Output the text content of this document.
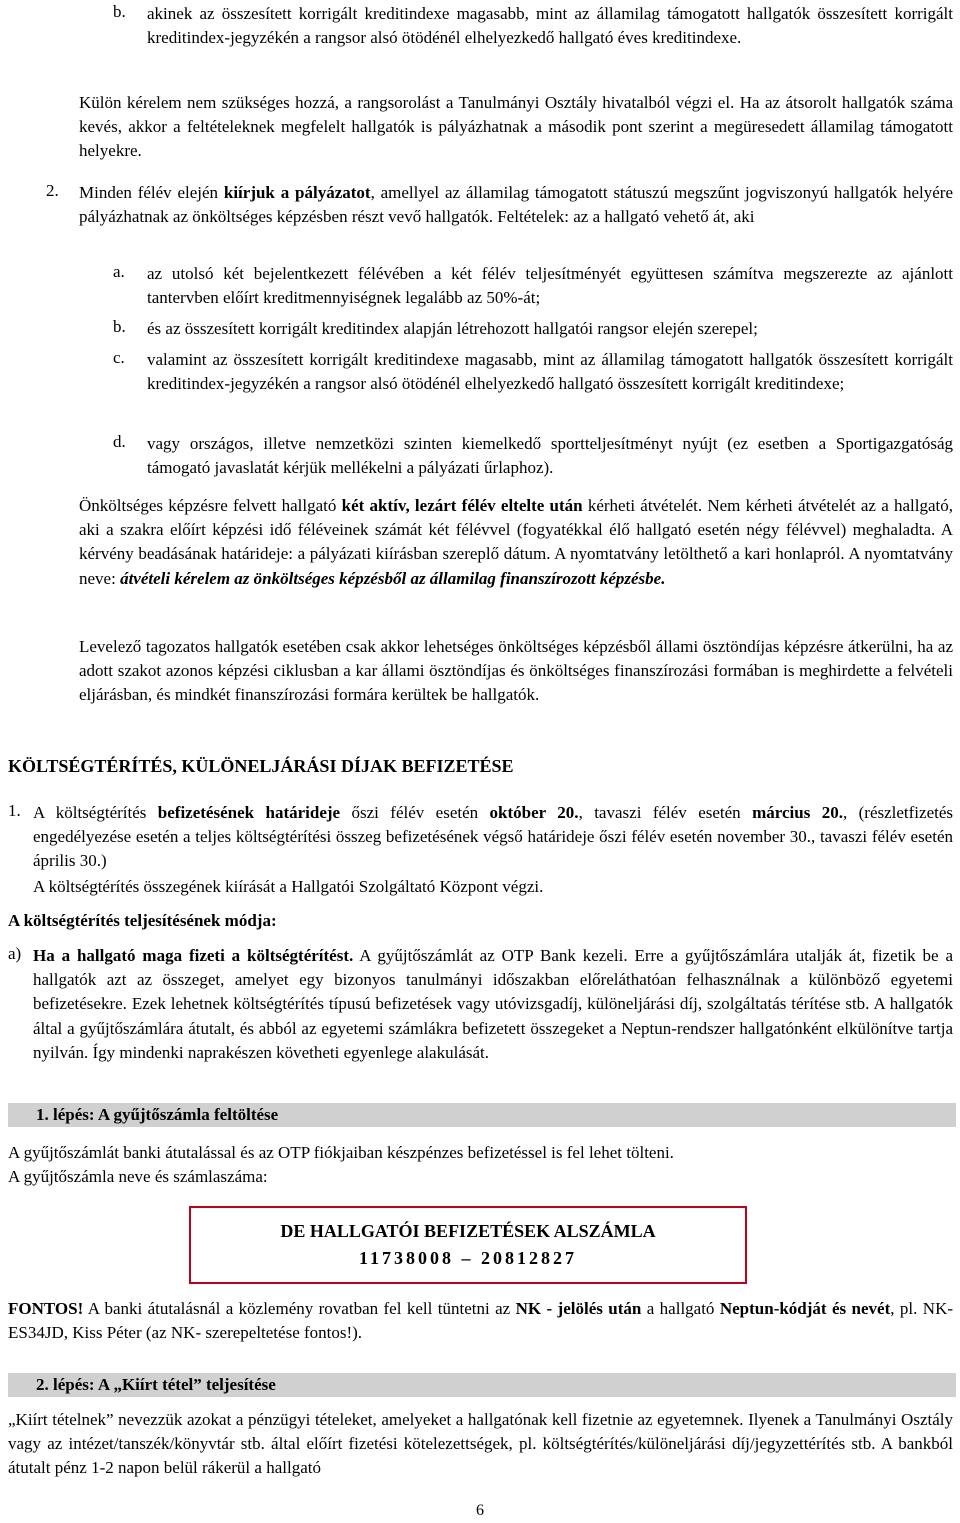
b. akinek az összesített korrigált kreditindexe magasabb, mint az államilag támogatott hallgatók összesített korrigált kreditindex-jegyzékén a rangsor alsó ötödénél elhelyezkedő hallgató éves kreditindexe.

Külön kérelem nem szükséges hozzá, a rangsorolást a Tanulmányi Osztály hivatalból végzi el. Ha az átsorolt hallgatók száma kevés, akkor a feltételeknek megfelelt hallgatók is pályázhatnak a második pont szerint a megüresedett államilag támogatott helyekre.

2. Minden félév elején kiírjuk a pályázatot, amellyel az államilag támogatott státuszú megszűnt jogviszonyú hallgatók helyére pályázhatnak az önköltséges képzésben részt vevő hallgatók. Feltételek: az a hallgató vehető át, aki

a. az utolsó két bejelentkezett félévében a két félév teljesítményét együttesen számítva megszerezte az ajánlott tantervben előírt kreditmennyiségnek legalább az 50%-át;

b. és az összesített korrigált kreditindex alapján létrehozott hallgatói rangsor elején szerepel;

c. valamint az összesített korrigált kreditindexe magasabb, mint az államilag támogatott hallgatók összesített korrigált kreditindex-jegyzékén a rangsor alsó ötödénél elhelyezkedő hallgató összesített korrigált kreditindexe;

d. vagy országos, illetve nemzetközi szinten kiemelkedő sportteljesítményt nyújt (ez esetben a Sportigazgatóság támogató javaslatát kérjük mellékelni a pályázati űrlaphoz).

Önköltséges képzésre felvett hallgató két aktív, lezárt félév eltelte után kérheti átvételét. Nem kérheti átvételét az a hallgató, aki a szakra előírt képzési idő féléveinek számát két félévvel (fogyatékkal élő hallgató esetén négy félévvel) meghaladta. A kérvény beadásának határideje: a pályázati kiírásban szereplő dátum. A nyomtatvány letölthető a kari honlapról. A nyomtatvány neve: átvételi kérelem az önköltséges képzésből az államilag finanszírozott képzésbe.

Levelező tagozatos hallgatók esetében csak akkor lehetséges önköltséges képzésből állami ösztöndíjas képzésre átkerülni, ha az adott szakot azonos képzési ciklusban a kar állami ösztöndíjas és önköltséges finanszírozási formában is meghirdette a felvételi eljárásban, és mindkét finanszírozási formára kerültek be hallgatók.

KÖLTSÉGTÉRÍTÉS, KÜLÖNELJÁRÁSI DÍJAK BEFIZETÉSE
1. A költségtérítés befizetésének határideje őszi félév esetén október 20., tavaszi félév esetén március 20., (részletfizetés engedélyezése esetén a teljes költségtérítési összeg befizetésének végső határideje őszi félév esetén november 30., tavaszi félév esetén április 30.)

A költségtérítés összegének kiírását a Hallgatói Szolgáltató Központ végzi.

A költségtérítés teljesítésének módja:
a) Ha a hallgató maga fizeti a költségtérítést. A gyűjtőszámlát az OTP Bank kezeli. Erre a gyűjtőszámlára utalják át, fizetik be a hallgatók azt az összeget, amelyet egy bizonyos tanulmányi időszakban előreláthatóan felhasználnak a különböző egyetemi befizetésekre. Ezek lehetnek költségtérítés típusú befizetések vagy utóvizsgadíj, különeljárási díj, szolgáltatás térítése stb. A hallgatók által a gyűjtőszámlára átutalt, és abból az egyetemi számlákra befizetett összegeket a Neptun-rendszer hallgatónként elkülönítve tartja nyilván. Így mindenki naprakészen követheti egyenlege alakulását.

1. lépés: A gyűjtőszámla feltöltése

A gyűjtőszámlát banki átutalással és az OTP fiókjaiban készpénzes befizetéssel is fel lehet tölteni.

A gyűjtőszámla neve és számlaszáma:

DE HALLGATÓI BEFIZETÉSEK ALSZÁMLA
11738008 – 20812827

FONTOS! A banki átutalásnál a közlemény rovatban fel kell tüntetni az NK - jelölés után a hallgató Neptun-kódját és nevét, pl. NK-ES34JD, Kiss Péter (az NK- szerepeltetése fontos!).

2. lépés: A „Kiírt tétel” teljesítése

„Kiírt tételnek” nevezzük azokat a pénzügyi tételeket, amelyeket a hallgatónak kell fizetnie az egyetemnek. Ilyenek a Tanulmányi Osztály vagy az intézet/tanszék/könyvtár stb. által előírt fizetési kötelezettségek, pl. költségtérítés/különeljárási díj/jegyzettérítés stb. A bankból átutalt pénz 1-2 napon belül rákerül a hallgató

6
